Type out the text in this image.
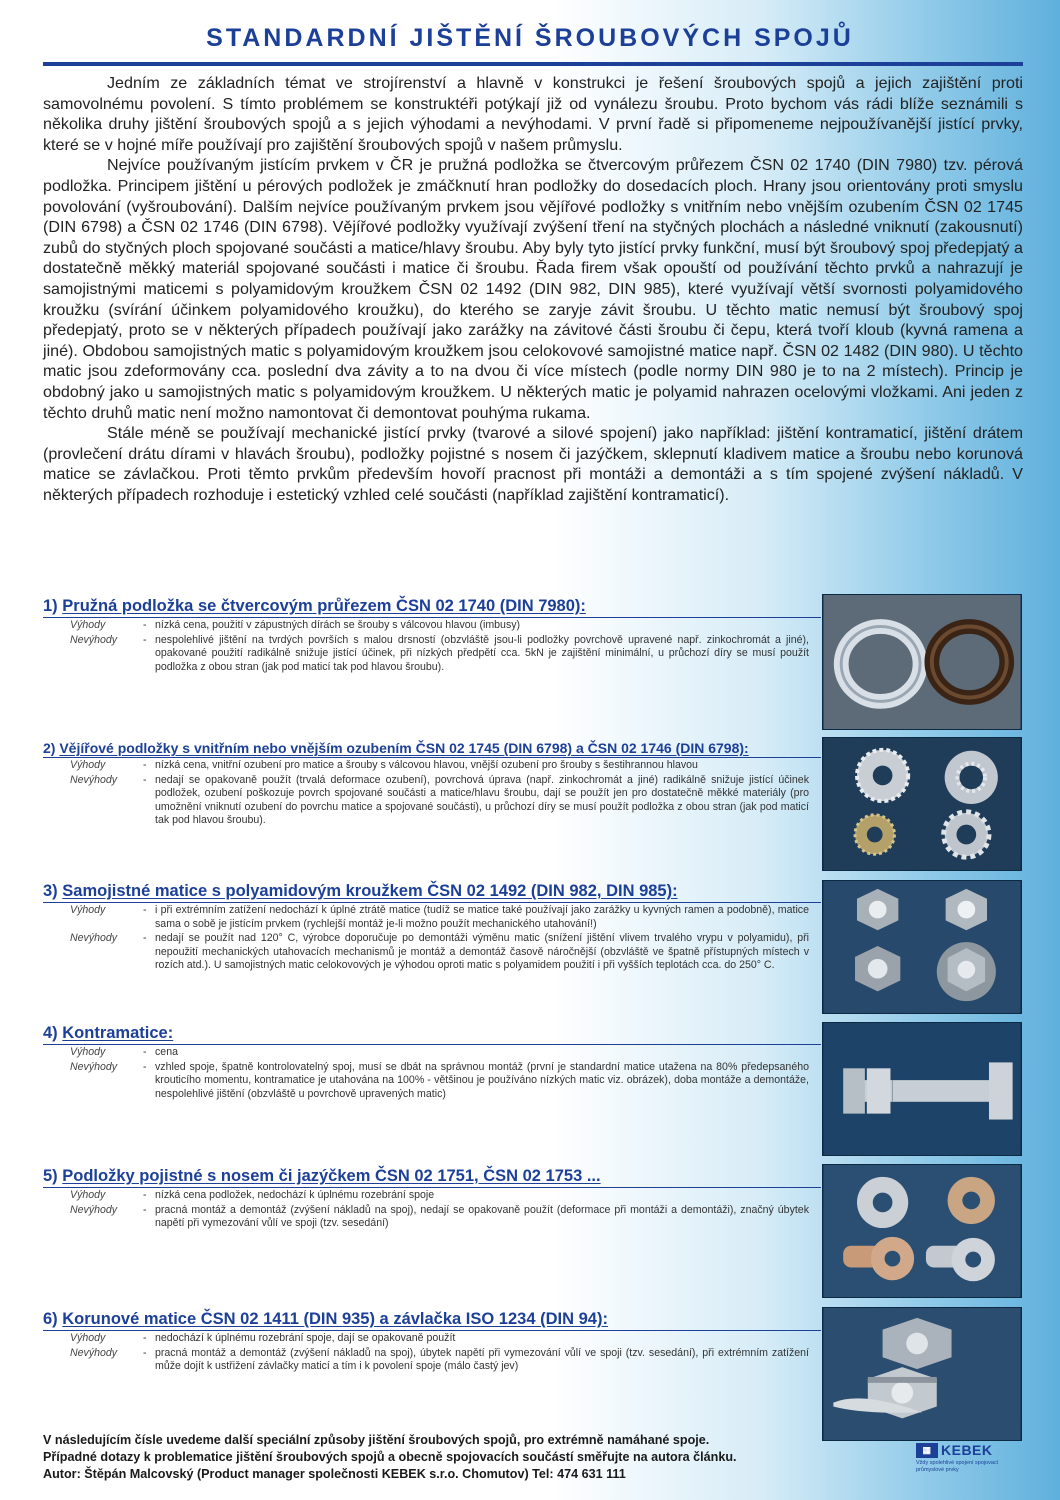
STANDARDNÍ JIŠTĚNÍ ŠROUBOVÝCH SPOJŮ

Jedním ze základních témat ve strojírenství a hlavně v konstrukci je řešení šroubových spojů a jejich zajištění proti samovolnému povolení. S tímto problémem se konstruktéři potýkají již od vynálezu šroubu. Proto bychom vás rádi blíže seznámili s několika druhy jištění šroubových spojů a s jejich výhodami a nevýhodami. V první řadě si připomeneme nejpoužívanější jistící prvky, které se v hojné míře používají pro zajištění šroubových spojů v našem průmyslu.

Nejvíce používaným jistícím prvkem v ČR je pružná podložka se čtvercovým průřezem ČSN 02 1740 (DIN 7980) tzv. pérová podložka. Principem jištění u pérových podložek je zmáčknutí hran podložky do dosedacích ploch. Hrany jsou orientovány proti smyslu povolování (vyšroubování). Dalším nejvíce používaným prvkem jsou vějířové podložky s vnitřním nebo vnějším ozubením ČSN 02 1745 (DIN 6798) a ČSN 02 1746 (DIN 6798). Vějířové podložky využívají zvýšení tření na styčných plochách a následné vniknutí (zakousnutí) zubů do styčných ploch spojované součásti a matice/hlavy šroubu. Aby byly tyto jistící prvky funkční, musí být šroubový spoj předepjatý a dostatečně měkký materiál spojované součásti i matice či šroubu. Řada firem však opouští od používání těchto prvků a nahrazují je samojistnými maticemi s polyamidovým kroužkem ČSN 02 1492 (DIN 982, DIN 985), které využívají větší svornosti polyamidového kroužku (svírání účinkem polyamidového kroužku), do kterého se zaryje závit šroubu. U těchto matic nemusí být šroubový spoj předepjatý, proto se v některých případech používají jako zarážky na závitové části šroubu či čepu, která tvoří kloub (kyvná ramena a jiné). Obdobou samojistných matic s polyamidovým kroužkem jsou celokovové samojistné matice např. ČSN 02 1482 (DIN 980). U těchto matic jsou zdeformovány cca. poslední dva závity a to na dvou či více místech (podle normy DIN 980 je to na 2 místech). Princip je obdobný jako u samojistných matic s polyamidovým kroužkem. U některých matic je polyamid nahrazen ocelovými vložkami. Ani jeden z těchto druhů matic není možno namontovat či demontovat pouhýma rukama.

Stále méně se používají mechanické jistící prvky (tvarové a silové spojení) jako například: jištění kontramaticí, jištění drátem (provlečení drátu dírami v hlavách šroubu), podložky pojistné s nosem či jazýčkem, sklepnutí kladivem matice a šroubu nebo korunová matice se závlačkou. Proti těmto prvkům především hovoří pracnost při montáži a demontáži a s tím spojené zvýšení nákladů. V některých případech rozhoduje i estetický vzhled celé součásti (například zajištění kontramaticí).

1) Pružná podložka se čtvercovým průřezem ČSN 02 1740 (DIN 7980):
Výhody	- nízká cena, použití v zápustných dírách se šrouby s válcovou hlavou (imbusy)
Nevýhody	- nespolehlivé jištění na tvrdých površích s malou drsností (obzvláště jsou-li podložky povrchově upravené např. zinkochromát a jiné), opakované použití radikálně snižuje jistící účinek, při nízkých předpětí cca. 5kN je zajištění minimální, u průchozí díry se musí použít podložka z obou stran (jak pod maticí tak pod hlavou šroubu).
2) Vějířové podložky s vnitřním nebo vnějším ozubením ČSN 02 1745 (DIN 6798) a ČSN 02 1746 (DIN 6798):
Výhody	- nízká cena, vnitřní ozubení pro matice a šrouby s válcovou hlavou, vnější ozubení pro šrouby s šestihrannou hlavou
Nevýhody	- nedají se opakovaně použít (trvalá deformace ozubení), povrchová úprava (např. zinkochromát a jiné) radikálně snižuje jistící účinek podložek, ozubení poškozuje povrch spojované součásti a matice/hlavu šroubu, dají se použít jen pro dostatečně měkké materiály (pro umožnění vniknutí ozubení do povrchu matice a spojované součásti), u průchozí díry se musí použít podložka z obou stran (jak pod maticí tak pod hlavou šroubu).
3) Samojistné matice s polyamidovým kroužkem ČSN 02 1492 (DIN 982, DIN 985):
Výhody	- i při extrémním zatížení nedochází k úplné ztrátě matice (tudíž se matice také používají jako zarážky u kyvných ramen a podobně), matice sama o sobě je jistícím prvkem (rychlejší montáž je-li možno použít mechanického utahování!)
Nevýhody	- nedají se použít nad 120° C, výrobce doporučuje po demontáži výměnu matic (snížení jištění vlivem trvalého vrypu v polyamidu), při nepoužití mechanických utahovacích mechanismů je montáž a demontáž časově náročnější (obzvláště ve špatně přístupných místech v rozích atd.). U samojistných matic celokovových je výhodou oproti matic s polyamidem použití i při vyšších teplotách cca. do 250° C.
4) Kontramatice:
Výhody	- cena
Nevýhody	- vzhled spoje, špatně kontrolovatelný spoj, musí se dbát na správnou montáž (první je standardní matice utažena na 80% předepsaného krouticího momentu, kontramatice je utahována na 100% - většinou je používáno nízkých matic viz. obrázek), doba montáže a demontáže, nespolehlivé jištění (obzvláště u povrchově upravených matic)
5) Podložky pojistné s nosem či jazýčkem ČSN 02 1751, ČSN 02 1753 ...
Výhody	- nízká cena podložek, nedochází k úplnému rozebrání spoje
Nevýhody	- pracná montáž a demontáž (zvýšení nákladů na spoj), nedají se opakovaně použít (deformace při montáži a demontáži), značný úbytek napětí při vymezování vůlí ve spoji (tzv. sesedání)
6) Korunové matice ČSN 02 1411 (DIN 935) a závlačka ISO 1234 (DIN 94):
Výhody	- nedochází k úplnému rozebrání spoje, dají se opakovaně použít
Nevýhody	- pracná montáž a demontáž (zvýšení nákladů na spoj), úbytek napětí při vymezování vůlí ve spoji (tzv. sesedání), při extrémním zatížení může dojít k ustřižení závlačky maticí a tím i k povolení spoje (málo častý jev)
V následujícím čísle uvedeme další speciální způsoby jištění šroubových spojů, pro extrémně namáhané spoje.
Případné dotazy k problematice jištění šroubových spojů a obecně spojovacích součástí směřujte na autora článku.
Autor: Štěpán Malcovský (Product manager společnosti KEBEK s.r.o. Chomutov) Tel: 474 631 111
▦ KEBEK
Vždy spolehlivé spojení spojovací průmyslové prvky
